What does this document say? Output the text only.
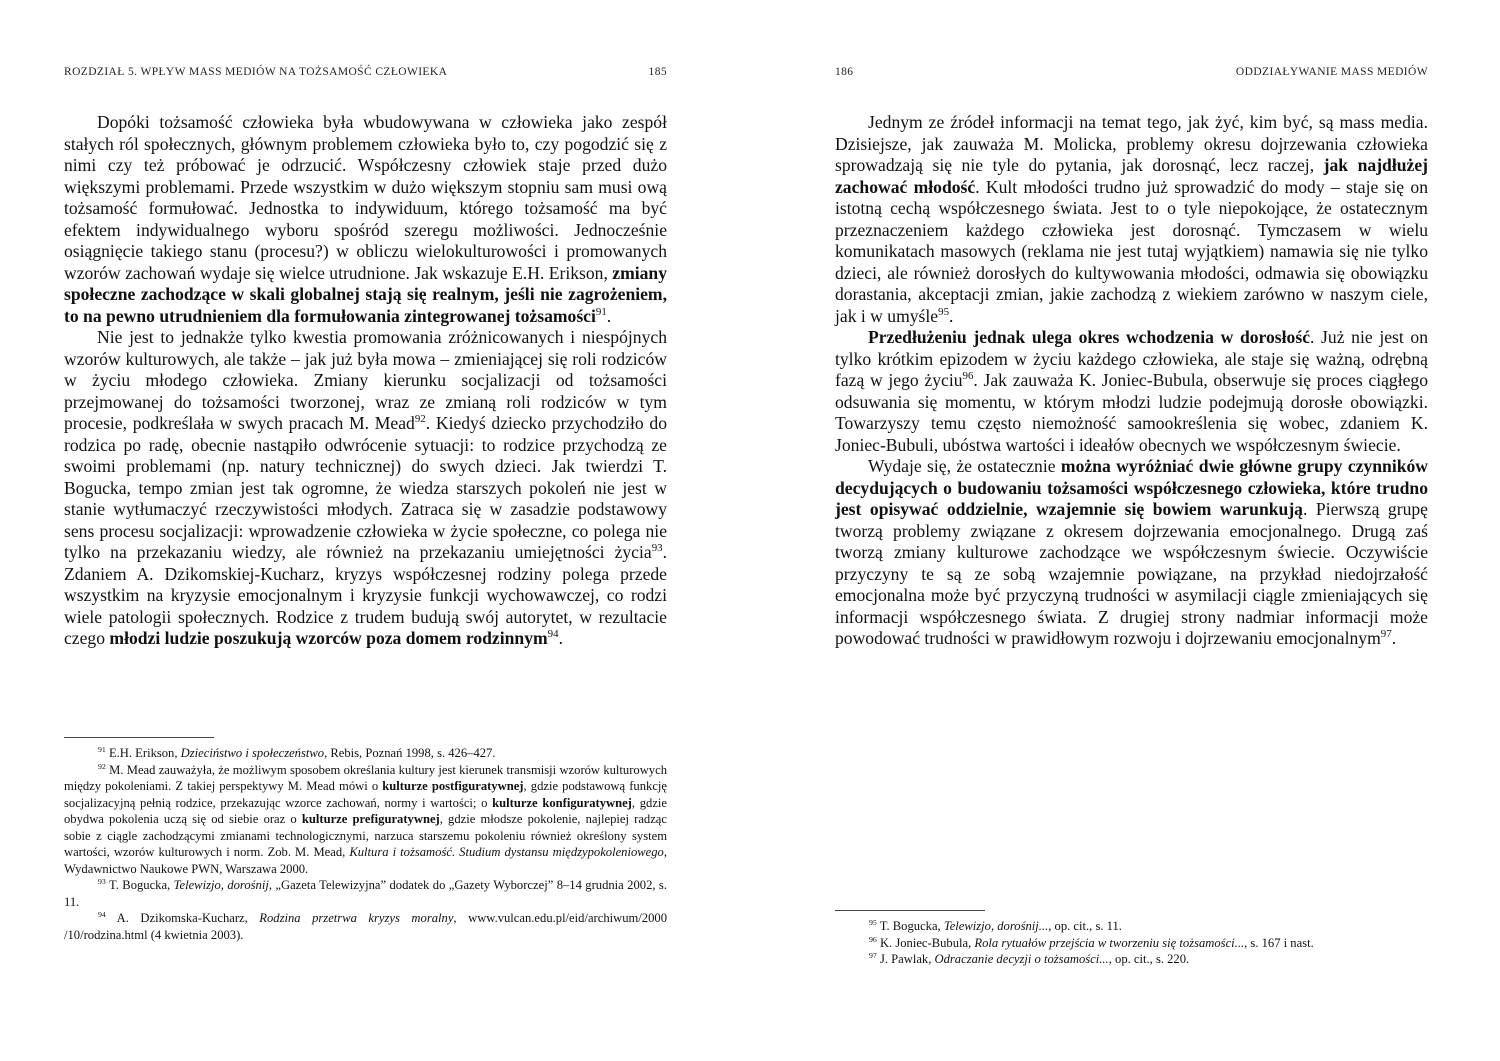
ROZDZIAŁ 5. WPŁYW MASS MEDIÓW NA TOŻSAMOŚĆ CZŁOWIEKA	185

Dopóki tożsamość człowieka była wbudowywana w człowieka jako zespół stałych ról społecznych, głównym problemem człowieka było to, czy pogodzić się z nimi czy też próbować je odrzucić. Współczesny człowiek staje przed dużo większymi problemami. Przede wszystkim w dużo większym stopniu sam musi ową tożsamość formułować. Jednostka to indywiduum, którego tożsamość ma być efektem indywidualnego wyboru spośród szeregu możliwości. Jednocześnie osiągnięcie takiego stanu (procesu?) w obliczu wielokulturowości i promowanych wzorów zachowań wydaje się wielce utrudnione. Jak wskazuje E.H. Erikson, zmiany społeczne zachodzące w skali globalnej stają się realnym, jeśli nie zagrożeniem, to na pewno utrudnieniem dla formułowania zintegrowanej tożsamości$^{91}$.

Nie jest to jednakże tylko kwestia promowania zróżnicowanych i niespójnych wzorów kulturowych, ale także – jak już była mowa – zmieniającej się roli rodziców w życiu młodego człowieka. Zmiany kierunku socjalizacji od tożsamości przejmowanej do tożsamości tworzonej, wraz ze zmianą roli rodziców w tym procesie, podkreślała w swych pracach M. Mead$^{92}$. Kiedyś dziecko przychodziło do rodzica po radę, obecnie nastąpiło odwrócenie sytuacji: to rodzice przychodzą ze swoimi problemami (np. natury technicznej) do swych dzieci. Jak twierdzi T. Bogucka, tempo zmian jest tak ogromne, że wiedza starszych pokoleń nie jest w stanie wytłumaczyć rzeczywistości młodych. Zatraca się w zasadzie podstawowy sens procesu socjalizacji: wprowadzenie człowieka w życie społeczne, co polega nie tylko na przekazaniu wiedzy, ale również na przekazaniu umiejętności życia$^{93}$. Zdaniem A. Dzikomskiej-Kucharz, kryzys współczesnej rodziny polega przede wszystkim na kryzysie emocjonalnym i kryzysie funkcji wychowawczej, co rodzi wiele patologii społecznych. Rodzice z trudem budują swój autorytet, w rezultacie czego młodzi ludzie poszukują wzorców poza domem rodzinnym$^{94}$.

$^{91}$ E.H. Erikson, Dzieciństwo i społeczeństwo, Rebis, Poznań 1998, s. 426–427.

$^{92}$ M. Mead zauważyła, że możliwym sposobem określania kultury jest kierunek transmisji wzorów kulturowych między pokoleniami. Z takiej perspektywy M. Mead mówi o kulturze postfiguratywnej, gdzie podstawową funkcję socjalizacyjną pełnią rodzice, przekazując wzorce zachowań, normy i wartości; o kulturze konfiguratywnej, gdzie obydwa pokolenia uczą się od siebie oraz o kulturze prefiguratywnej, gdzie młodsze pokolenie, najlepiej radząc sobie z ciągle zachodzącymi zmianami technologicznymi, narzuca starszemu pokoleniu również określony system wartości, wzorów kulturowych i norm. Zob. M. Mead, Kultura i tożsamość. Studium dystansu międzypokoleniowego, Wydawnictwo Naukowe PWN, Warszawa 2000.

$^{93}$ T. Bogucka, Telewizjo, dorośnij, „Gazeta Telewizyjna” dodatek do „Gazety Wyborczej” 8–14 grudnia 2002, s. 11.

$^{94}$ A. Dzikomska-Kucharz, Rodzina przetrwa kryzys moralny, www.vulcan.edu.pl/eid/archiwum/2000 /10/rodzina.html (4 kwietnia 2003).

186	ODDZIAŁYWANIE MASS MEDIÓW

Jednym ze źródeł informacji na temat tego, jak żyć, kim być, są mass media. Dzisiejsze, jak zauważa M. Molicka, problemy okresu dojrzewania człowieka sprowadzają się nie tyle do pytania, jak dorosnąć, lecz raczej, jak najdłużej zachować młodość. Kult młodości trudno już sprowadzić do mody – staje się on istotną cechą współczesnego świata. Jest to o tyle niepokojące, że ostatecznym przeznaczeniem każdego człowieka jest dorosnąć. Tymczasem w wielu komunikatach masowych (reklama nie jest tutaj wyjątkiem) namawia się nie tylko dzieci, ale również dorosłych do kultywowania młodości, odmawia się obowiązku dorastania, akceptacji zmian, jakie zachodzą z wiekiem zarówno w naszym ciele, jak i w umyśle$^{95}$.

Przedłużeniu jednak ulega okres wchodzenia w dorosłość. Już nie jest on tylko krótkim epizodem w życiu każdego człowieka, ale staje się ważną, odrębną fazą w jego życiu$^{96}$. Jak zauważa K. Joniec-Bubula, obserwuje się proces ciągłego odsuwania się momentu, w którym młodzi ludzie podejmują dorosłe obowiązki. Towarzyszy temu często niemożność samookreślenia się wobec, zdaniem K. Joniec-Bubuli, ubóstwa wartości i ideałów obecnych we współczesnym świecie.

Wydaje się, że ostatecznie można wyróżniać dwie główne grupy czynników decydujących o budowaniu tożsamości współczesnego człowieka, które trudno jest opisywać oddzielnie, wzajemnie się bowiem warunkują. Pierwszą grupę tworzą problemy związane z okresem dojrzewania emocjonalnego. Drugą zaś tworzą zmiany kulturowe zachodzące we współczesnym świecie. Oczywiście przyczyny te są ze sobą wzajemnie powiązane, na przykład niedojrzałość emocjonalna może być przyczyną trudności w asymilacji ciągle zmieniających się informacji współczesnego świata. Z drugiej strony nadmiar informacji może powodować trudności w prawidłowym rozwoju i dojrzewaniu emocjonalnym$^{97}$.

$^{95}$ T. Bogucka, Telewizjo, dorośnij..., op. cit., s. 11.

$^{96}$ K. Joniec-Bubula, Rola rytuałów przejścia w tworzeniu się tożsamości..., s. 167 i nast.

$^{97}$ J. Pawlak, Odraczanie decyzji o tożsamości..., op. cit., s. 220.
